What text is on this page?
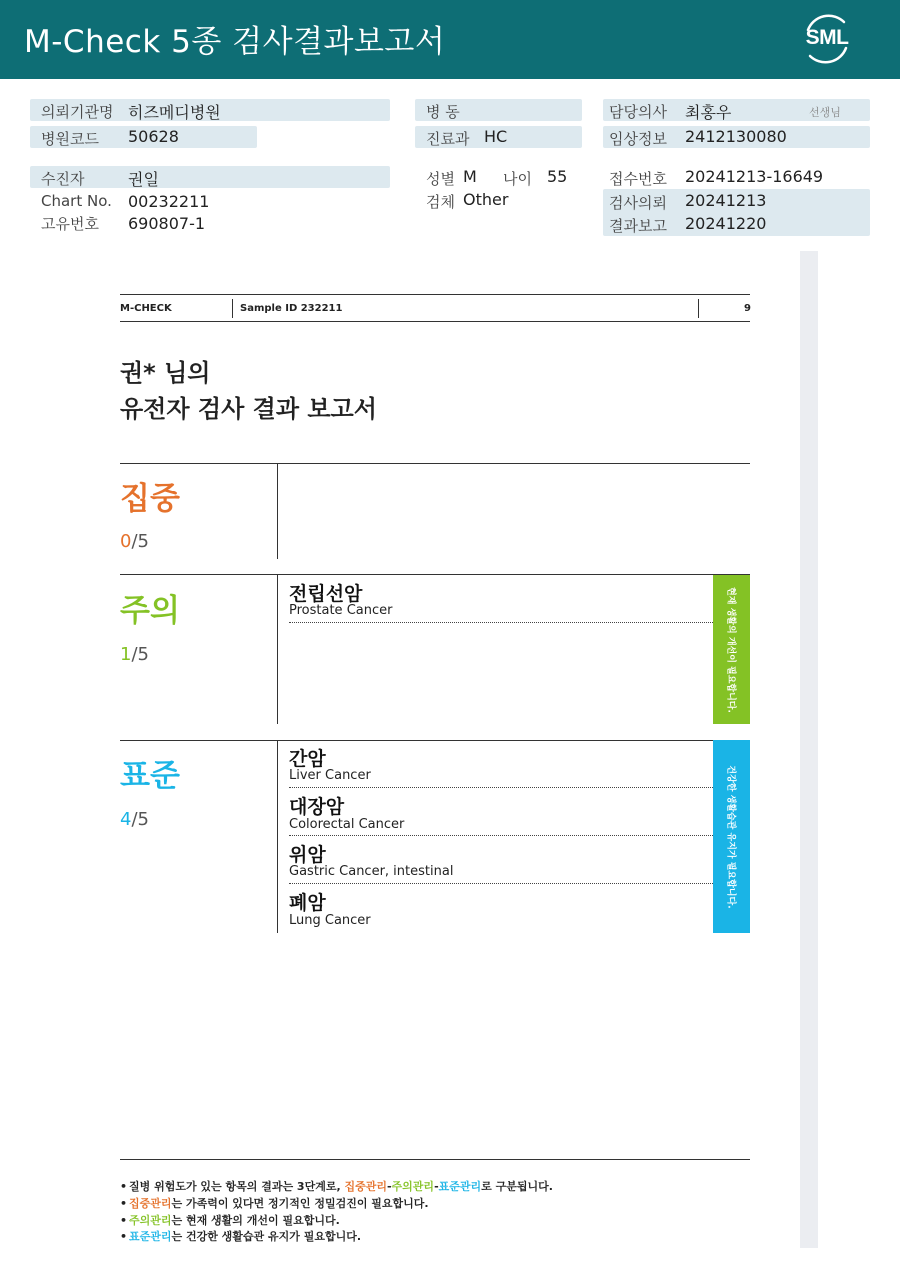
M-Check 5종 검사결과보고서	SML
의뢰기관명 히즈메디병원
병원코드 50628
수진자	권일
Chart No. 00232211
고유번호 690807-1
병 동
진료과 HC
성별 M 나이 55
검체 Other
담당의사 최홍우	선생님
임상정보 2412130080
접수번호 20241213-16649
검사의뢰 20241213
결과보고 20241220
M-CHECK	Sample ID 232211	9
권* 님의
유전자 검사 결과 보고서
집중
0/5
주의
1/5
전립선암
Prostate Cancer	현재 생활의 개선이 필요합니다.
표준
4/5
간암
Liver Cancer
대장암
Colorectal Cancer
위암
Gastric Cancer, intestinal
폐암
Lung Cancer
건강한 생활습관 유지가 필요합니다.
• 질병 위험도가 있는 항목의 결과는 3단계로, 집중관리-주의관리-표준관리로 구분됩니다.
• 집중관리는 가족력이 있다면 정기적인 정밀검진이 필요합니다.
• 주의관리는 현재 생활의 개선이 필요합니다.
• 표준관리는 건강한 생활습관 유지가 필요합니다.
